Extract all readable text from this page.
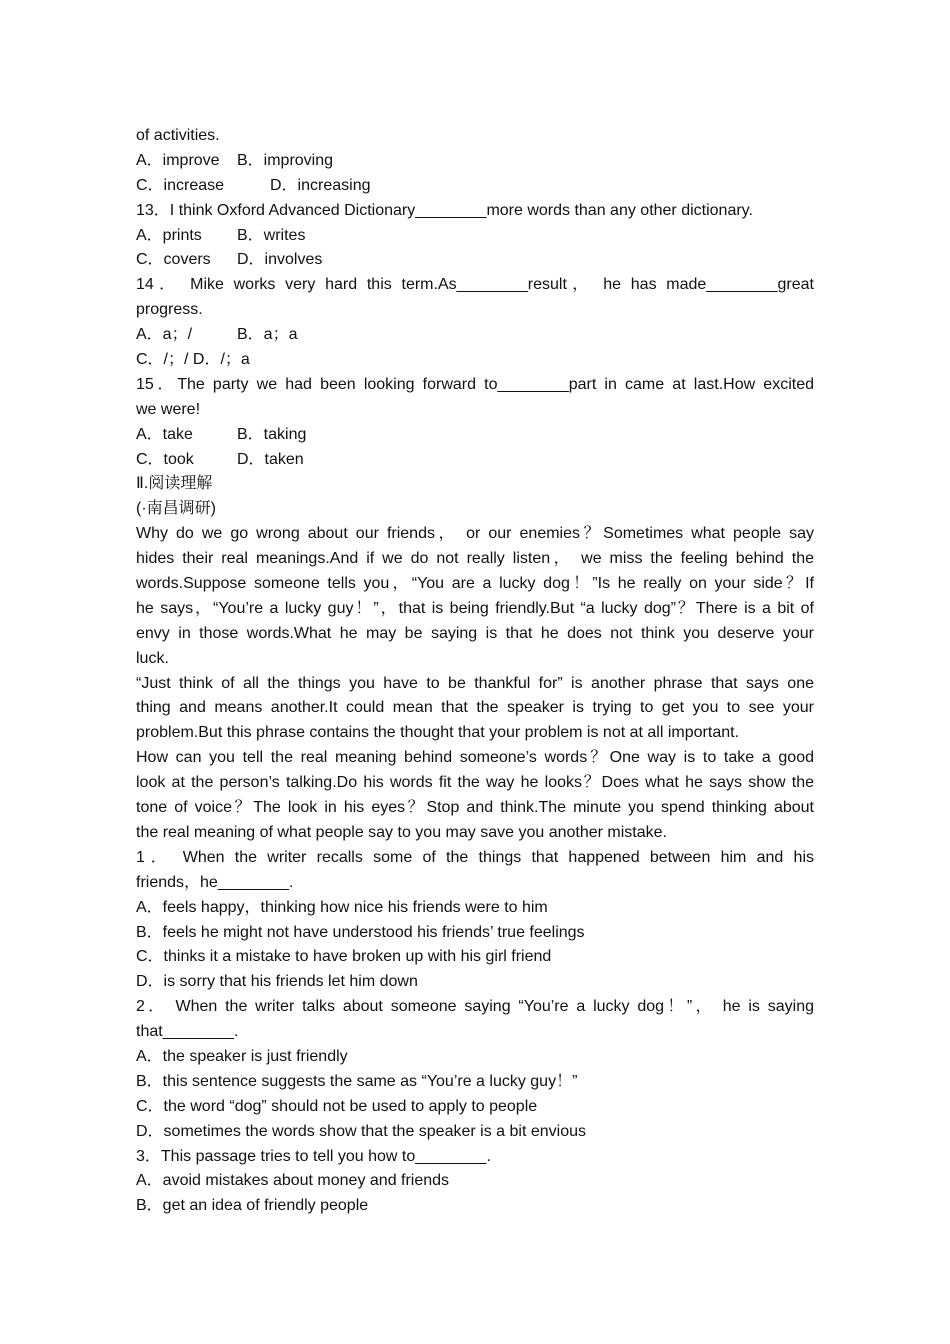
of activities.
A．improve B．improving
C．increase	D．increasing
13．I think Oxford Advanced Dictionary________more words than any other dictionary.
A．prints B．writes
C．covers D．involves
14． Mike works very hard this term.As________result， he has made________great
progress.
A．a；/	B．a；a
C．/；/ D．/；a
15．The party we had been looking forward to________part in came at last.How excited
we were!
A．take	B．taking
C．took	D．taken
Ⅱ.阅读理解
(·南昌调研)
Why do we go wrong about our friends， or our enemies？Sometimes what people say
hides their real meanings.And if we do not really listen， we miss the feeling behind the
words.Suppose someone tells you，“You are a lucky dog！”Is he really on your side？If
he says，“You’re a lucky guy！”，that is being friendly.But “a lucky dog”？There is a bit of
envy in those words.What he may be saying is that he does not think you deserve your
luck.
“Just think of all the things you have to be thankful for” is another phrase that says one
thing and means another.It could mean that the speaker is trying to get you to see your
problem.But this phrase contains the thought that your problem is not at all important.
How can you tell the real meaning behind someone’s words？One way is to take a good
look at the person’s talking.Do his words fit the way he looks？Does what he says show the
tone of voice？The look in his eyes？Stop and think.The minute you spend thinking about
the real meaning of what people say to you may save you another mistake.
1． When the writer recalls some of the things that happened between him and his
friends，he________.
A．feels happy，thinking how nice his friends were to him
B．feels he might not have understood his friends’ true feelings
C．thinks it a mistake to have broken up with his girl friend
D．is sorry that his friends let him down
2． When the writer talks about someone saying “You’re a lucky dog！”， he is saying
that________.
A．the speaker is just friendly
B．this sentence suggests the same as “You’re a lucky guy！”
C．the word “dog” should not be used to apply to people
D．sometimes the words show that the speaker is a bit envious
3．This passage tries to tell you how to________.
A．avoid mistakes about money and friends
B．get an idea of friendly people
